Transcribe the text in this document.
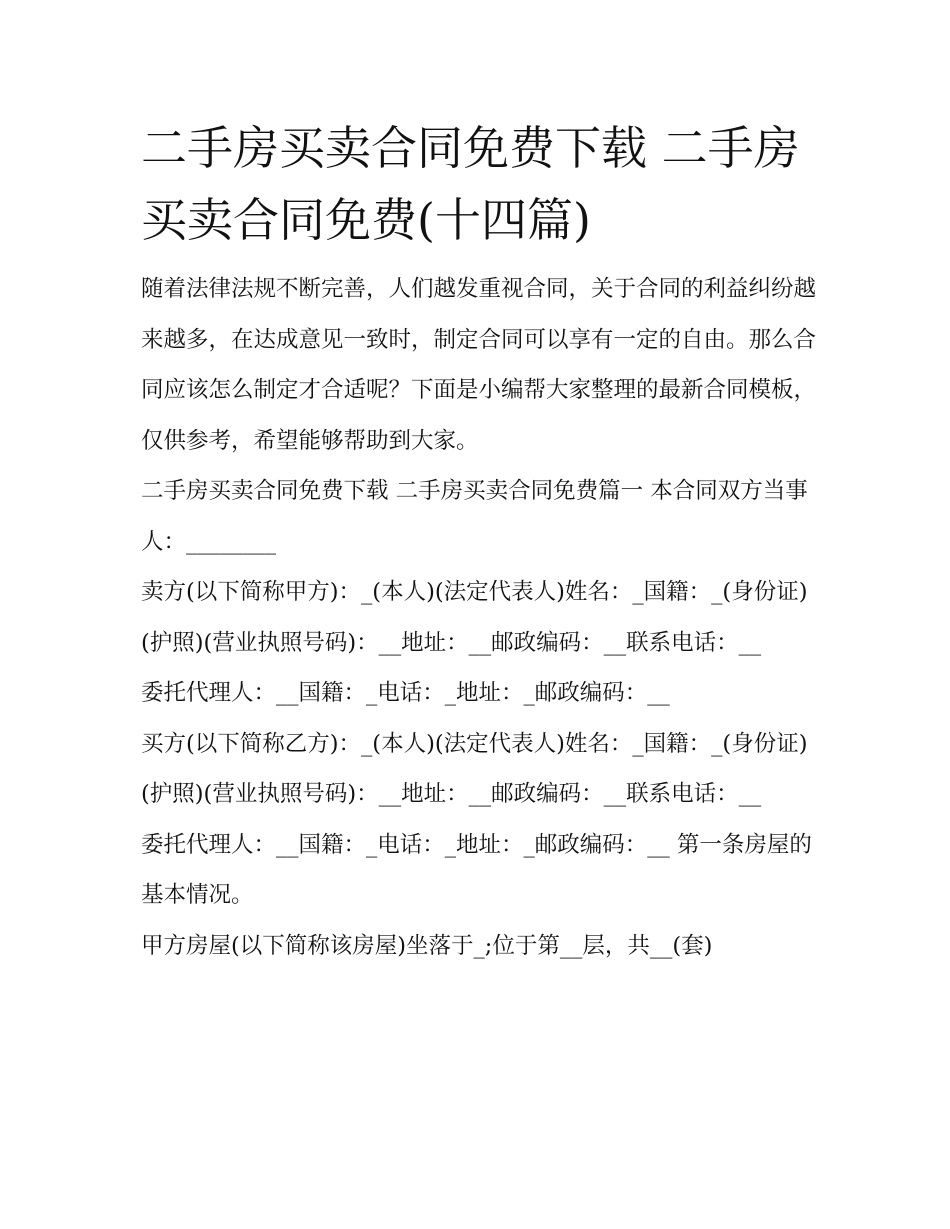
二手房买卖合同免费下载 二手房买卖合同免费(十四篇)

随着法律法规不断完善，人们越发重视合同，关于合同的利益纠纷越来越多，在达成意见一致时，制定合同可以享有一定的自由。那么合同应该怎么制定才合适呢？下面是小编帮大家整理的最新合同模板，仅供参考，希望能够帮助到大家。

二手房买卖合同免费下载 二手房买卖合同免费篇一 本合同双方当事人：________

卖方(以下简称甲方)：_(本人)(法定代表人)姓名：_国籍：_(身份证)(护照)(营业执照号码)：__地址：__邮政编码：__联系电话：__

委托代理人：__国籍：_电话：_地址：_邮政编码：__

买方(以下简称乙方)：_(本人)(法定代表人)姓名：_国籍：_(身份证)(护照)(营业执照号码)：__地址：__邮政编码：__联系电话：__

委托代理人：__国籍：_电话：_地址：_邮政编码：__ 第一条房屋的基本情况。

甲方房屋(以下简称该房屋)坐落于_;位于第__层，共__(套)
